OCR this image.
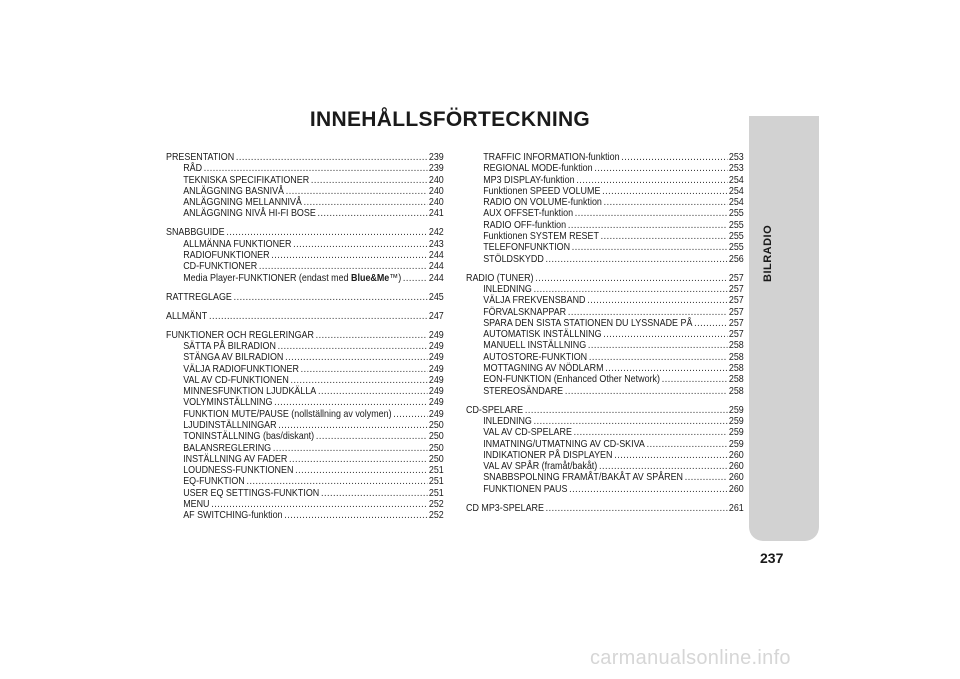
INNEHÅLLSFÖRTECKNING
PRESENTATION .....	239
RÅD .....	239
TEKNISKA SPECIFIKATIONER .....	240
ANLÄGGNING BASNIVÅ .....	240
ANLÄGGNING MELLANNIVÅ .....	240
ANLÄGGNING NIVÅ HI-FI BOSE .....	241
SNABBGUIDE .....	242
ALLMÄNNA FUNKTIONER .....	243
RADIOFUNKTIONER .....	244
CD-FUNKTIONER .....	244
Media Player-FUNKTIONER (endast med Blue&Me™) .....	244
RATTREGLAGE .....	245
ALLMÄNT .....	247
FUNKTIONER OCH REGLERINGAR .....	249
SÄTTA PÅ BILRADION .....	249
STÄNGA AV BILRADION .....	249
VÄLJA RADIOFUNKTIONER .....	249
VAL AV CD-FUNKTIONEN .....	249
MINNESFUNKTION LJUDKÄLLA .....	249
VOLYMINSTÄLLNING .....	249
FUNKTION MUTE/PAUSE (nollställning av volymen) .....	249
LJUDINSTÄLLNINGAR .....	250
TONINSTÄLLNING (bas/diskant) .....	250
BALANSREGLERING .....	250
INSTÄLLNING AV FADER .....	250
LOUDNESS-FUNKTIONEN .....	251
EQ-FUNKTION .....	251
USER EQ SETTINGS-FUNKTION .....	251
MENU .....	252
AF SWITCHING-funktion .....	252
TRAFFIC INFORMATION-funktion .....	253
REGIONAL MODE-funktion .....	253
MP3 DISPLAY-funktion .....	254
Funktionen SPEED VOLUME .....	254
RADIO ON VOLUME-funktion .....	254
AUX OFFSET-funktion .....	255
RADIO OFF-funktion .....	255
Funktionen SYSTEM RESET .....	255
TELEFONFUNKTION .....	255
STÖLDSKYDD .....	256
RADIO (TUNER) .....	257
INLEDNING .....	257
VÄLJA FREKVENSBAND .....	257
FÖRVALSKNAPPAR .....	257
SPARA DEN SISTA STATIONEN DU LYSSNADE PÅ .....	257
AUTOMATISK INSTÄLLNING .....	257
MANUELL INSTÄLLNING .....	258
AUTOSTORE-FUNKTION .....	258
MOTTAGNING AV NÖDLARM .....	258
EON-FUNKTION (Enhanced Other Network) .....	258
STEREOSÄNDARE .....	258
CD-SPELARE .....	259
INLEDNING .....	259
VAL AV CD-SPELARE .....	259
INMATNING/UTMATNING AV CD-SKIVA .....	259
INDIKATIONER PÅ DISPLAYEN .....	260
VAL AV SPÅR (framåt/bakåt) .....	260
SNABBSPOLNING FRAMÅT/BAKÅT AV SPÅREN .....	260
FUNKTIONEN PAUS .....	260
CD MP3-SPELARE .....	261
BILRADIO
237
carmanualsonline.info
